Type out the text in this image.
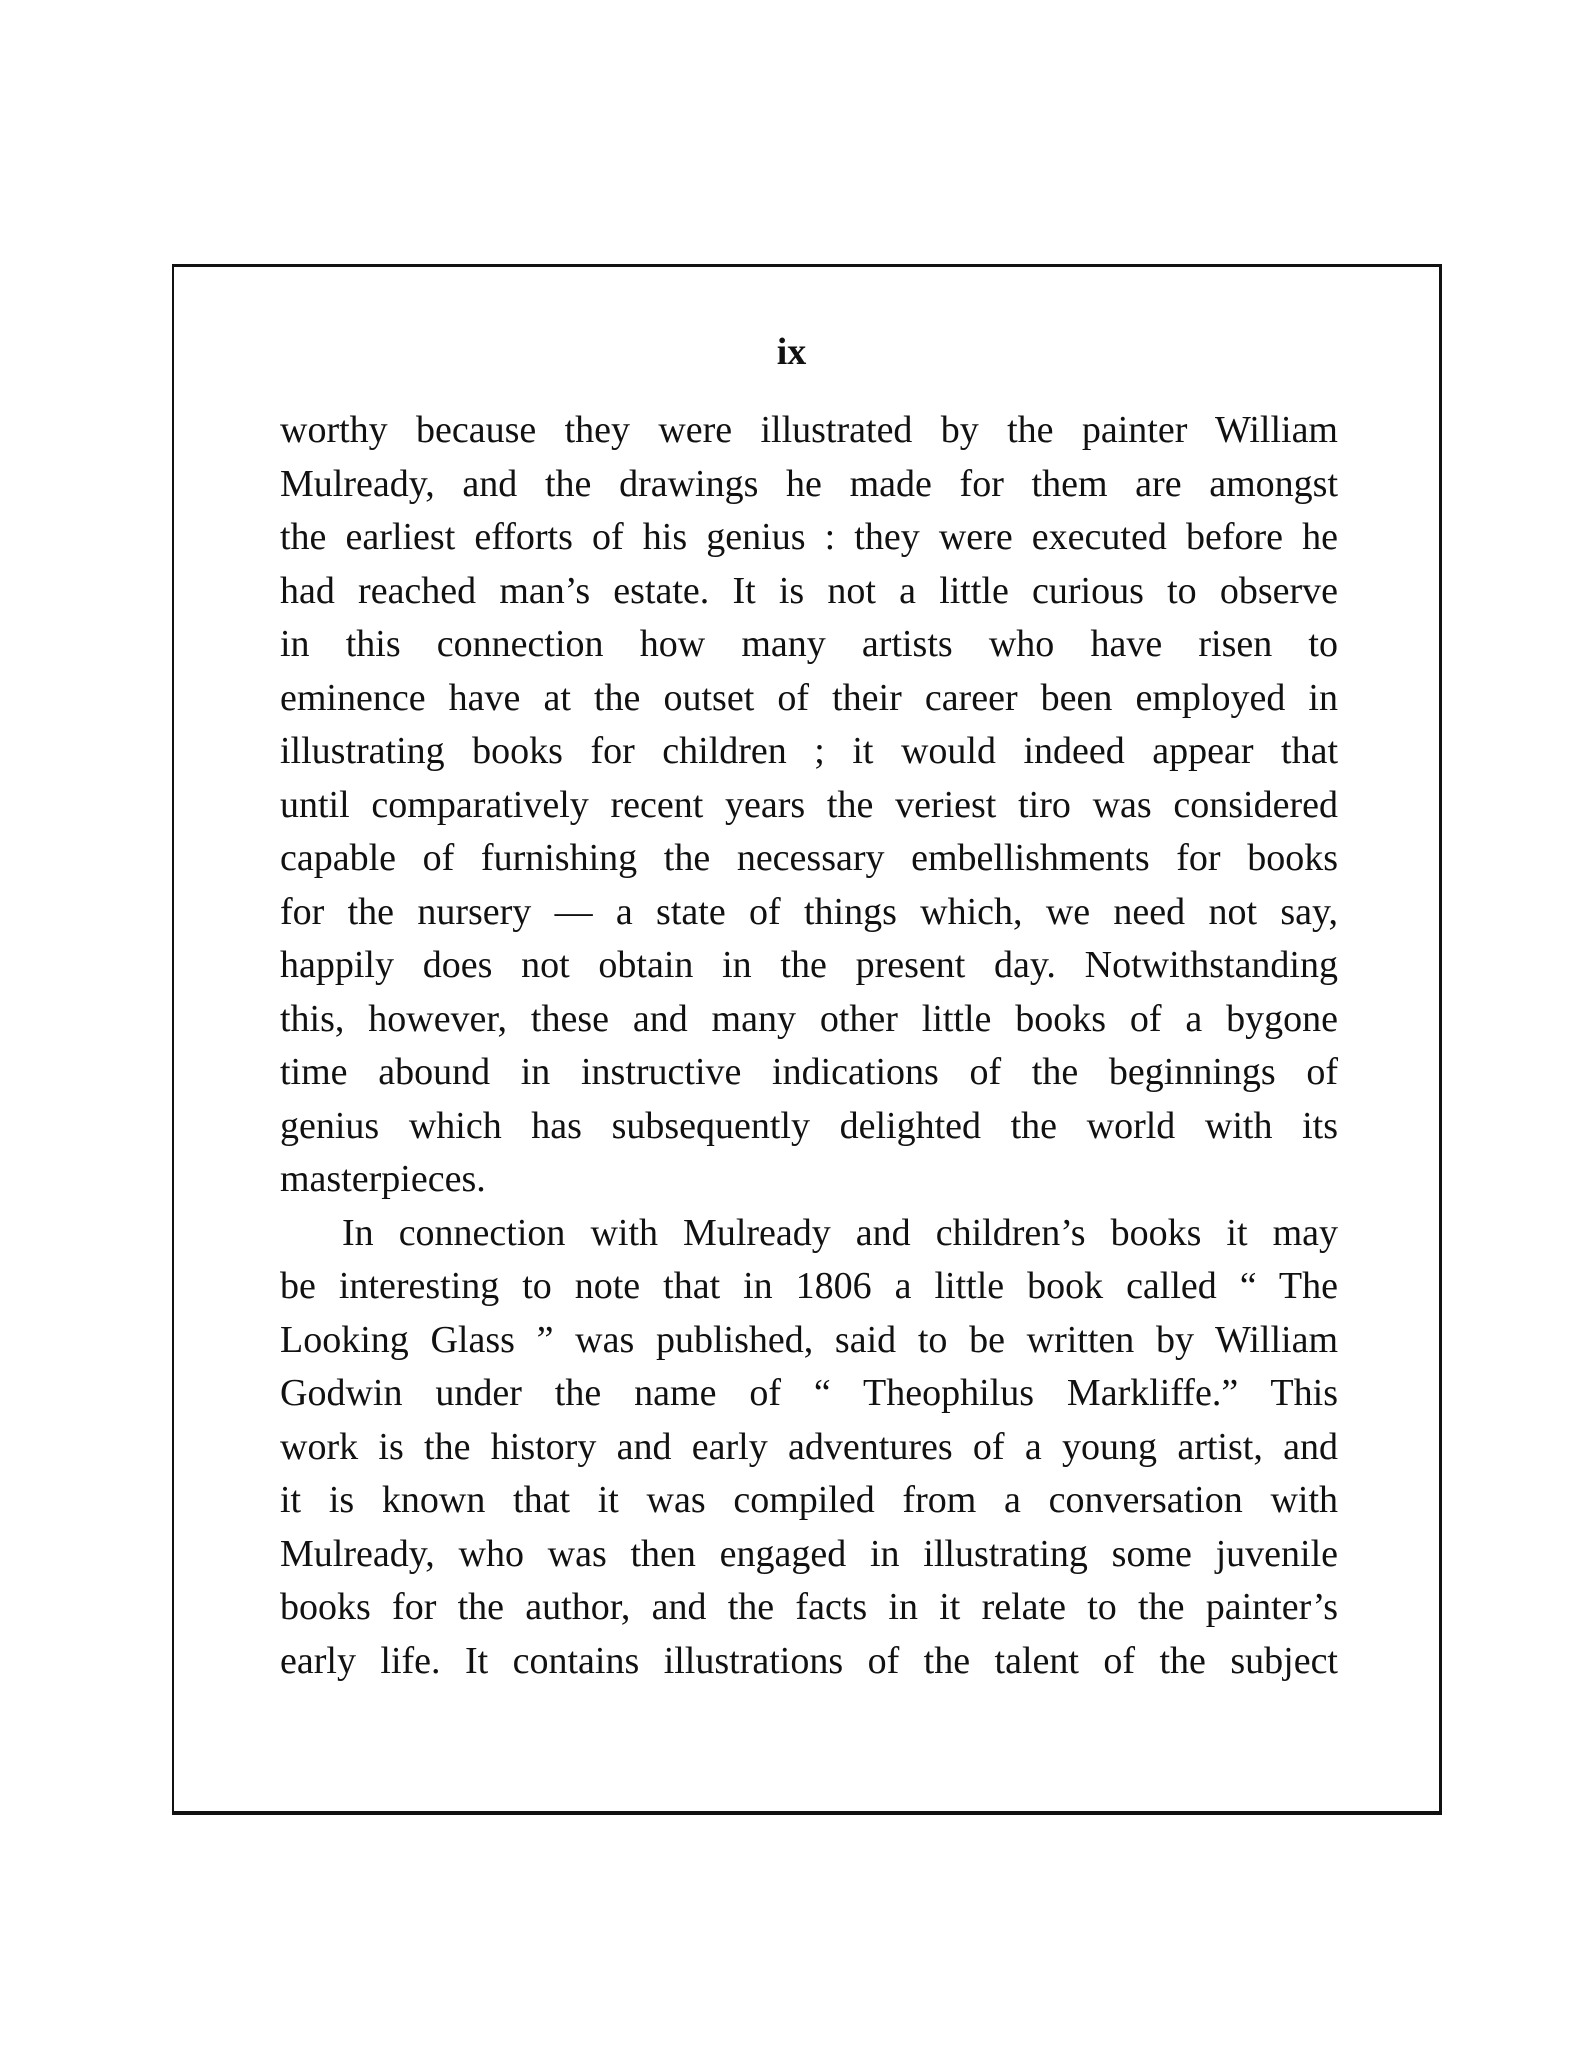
ix
worthy because they were illustrated by the painter William
Mulready, and the drawings he made for them are amongst
the earliest efforts of his genius : they were executed before he
had reached man’s estate. It is not a little curious to observe
in this connection how many artists who have risen to
eminence have at the outset of their career been employed in
illustrating books for children ; it would indeed appear that
until comparatively recent years the veriest tiro was considered
capable of furnishing the necessary embellishments for books
for the nursery — a state of things which, we need not say,
happily does not obtain in the present day. Notwithstanding
this, however, these and many other little books of a bygone
time abound in instructive indications of the beginnings of
genius which has subsequently delighted the world with its
masterpieces.
In connection with Mulready and children’s books it may
be interesting to note that in 1806 a little book called “ The
Looking Glass ” was published, said to be written by William
Godwin under the name of “ Theophilus Markliffe.” This
work is the history and early adventures of a young artist, and
it is known that it was compiled from a conversation with
Mulready, who was then engaged in illustrating some juvenile
books for the author, and the facts in it relate to the painter’s
early life. It contains illustrations of the talent of the subject
